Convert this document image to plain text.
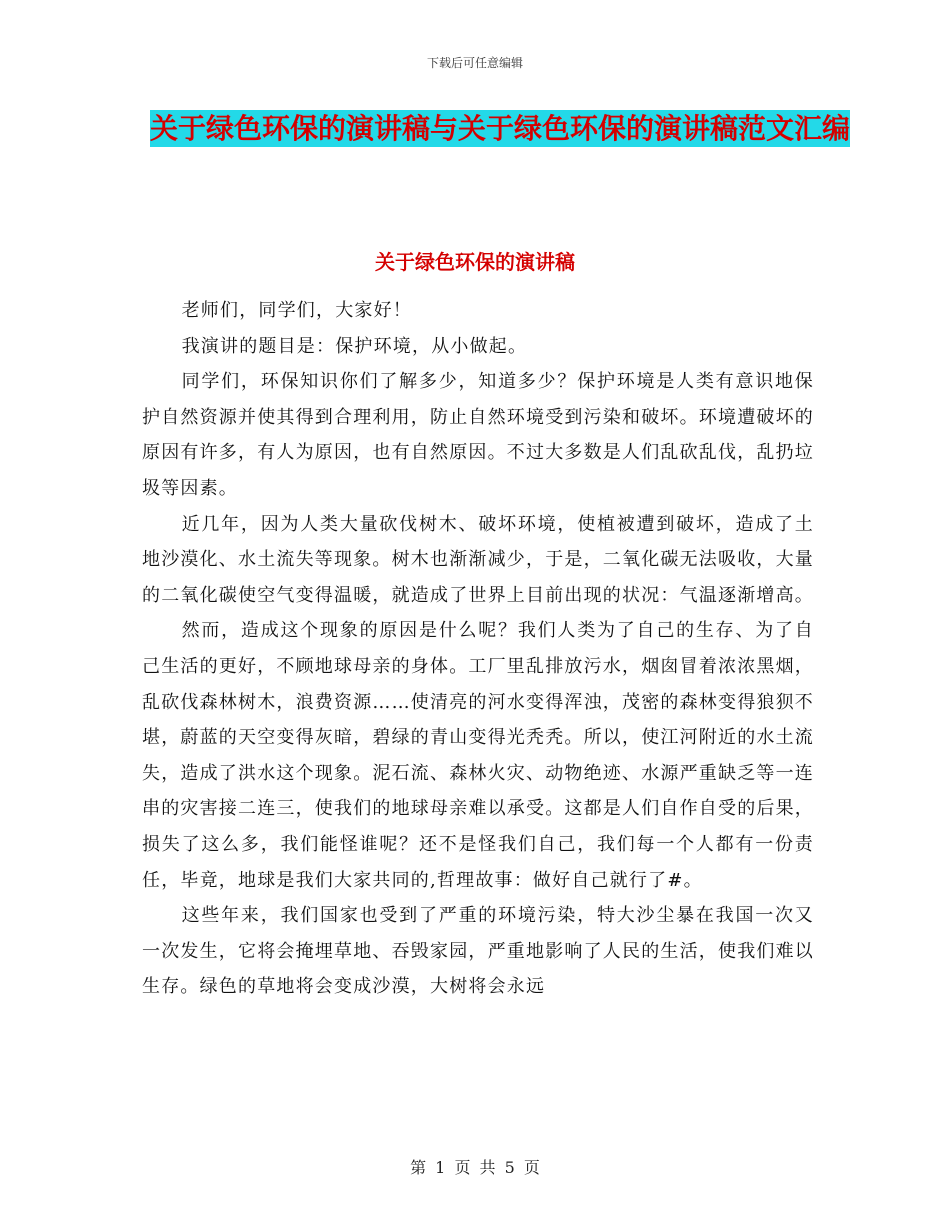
下载后可任意编辑
关于绿色环保的演讲稿与关于绿色环保的演讲稿范文汇编
关于绿色环保的演讲稿

老师们，同学们，大家好！

我演讲的题目是：保护环境，从小做起。

同学们，环保知识你们了解多少，知道多少？保护环境是人类有意识地保护自然资源并使其得到合理利用，防止自然环境受到污染和破坏。环境遭破坏的原因有许多，有人为原因，也有自然原因。不过大多数是人们乱砍乱伐，乱扔垃圾等因素。

近几年，因为人类大量砍伐树木、破坏环境，使植被遭到破坏，造成了土地沙漠化、水土流失等现象。树木也渐渐减少，于是，二氧化碳无法吸收，大量的二氧化碳使空气变得温暖，就造成了世界上目前出现的状况：气温逐渐增高。

然而，造成这个现象的原因是什么呢？我们人类为了自己的生存、为了自己生活的更好，不顾地球母亲的身体。工厂里乱排放污水，烟囱冒着浓浓黑烟，乱砍伐森林树木，浪费资源……使清亮的河水变得浑浊，茂密的森林变得狼狈不堪，蔚蓝的天空变得灰暗，碧绿的青山变得光秃秃。所以，使江河附近的水土流失，造成了洪水这个现象。泥石流、森林火灾、动物绝迹、水源严重缺乏等一连串的灾害接二连三，使我们的地球母亲难以承受。这都是人们自作自受的后果，损失了这么多，我们能怪谁呢？还不是怪我们自己，我们每一个人都有一份责任，毕竟，地球是我们大家共同的,哲理故事：做好自己就行了#。

这些年来，我们国家也受到了严重的环境污染，特大沙尘暴在我国一次又一次发生，它将会掩埋草地、吞毁家园，严重地影响了人民的生活，使我们难以生存。绿色的草地将会变成沙漠，大树将会永远

第 1 页 共 5 页
